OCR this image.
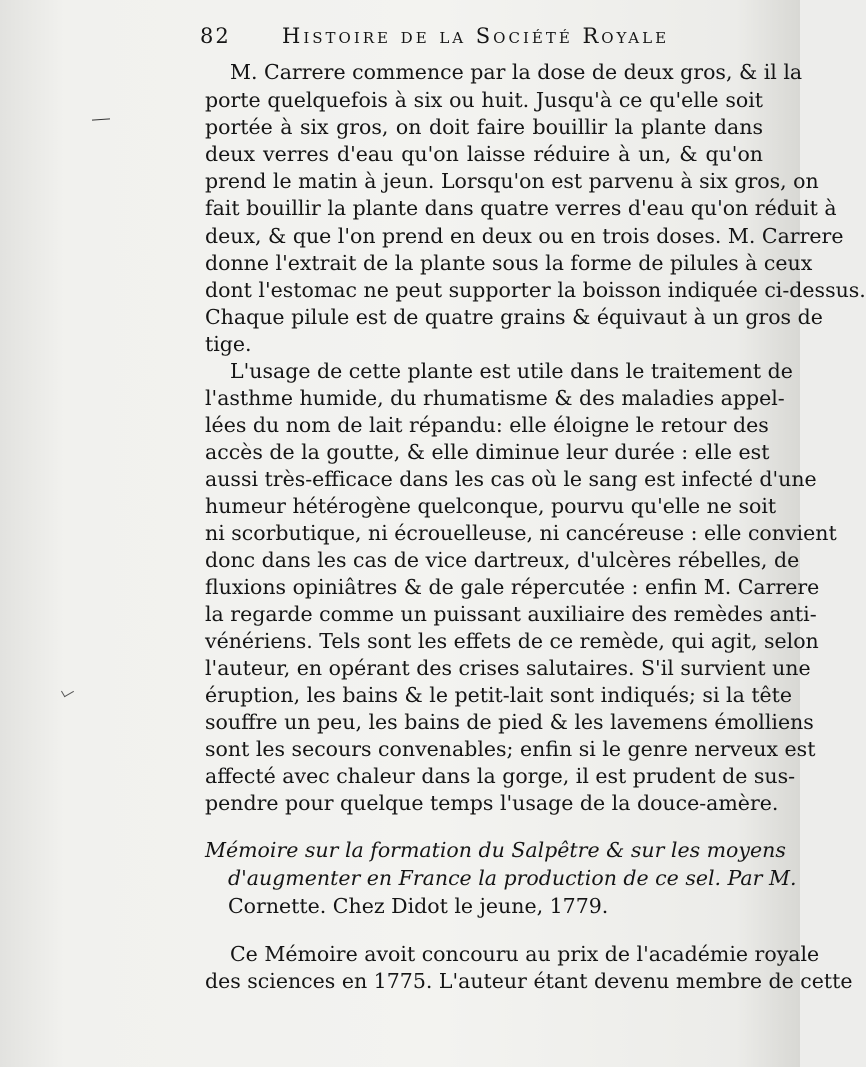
82 Histoire de la Société Royale
M. Carrere commence par la dose de deux gros, & il la
porte quelquefois à six ou huit. Jusqu'à ce qu'elle soit
portée à six gros, on doit faire bouillir la plante dans
deux verres d'eau qu'on laisse réduire à un, & qu'on
prend le matin à jeun. Lorsqu'on est parvenu à six gros, on
fait bouillir la plante dans quatre verres d'eau qu'on réduit à
deux, & que l'on prend en deux ou en trois doses. M. Carrere
donne l'extrait de la plante sous la forme de pilules à ceux
dont l'estomac ne peut supporter la boisson indiquée ci-dessus.
Chaque pilule est de quatre grains & équivaut à un gros de
tige.
L'usage de cette plante est utile dans le traitement de
l'asthme humide, du rhumatisme & des maladies appel-
lées du nom de lait répandu: elle éloigne le retour des
accès de la goutte, & elle diminue leur durée : elle est
aussi très-efficace dans les cas où le sang est infecté d'une
humeur hétérogène quelconque, pourvu qu'elle ne soit
ni scorbutique, ni écrouelleuse, ni cancéreuse : elle convient
donc dans les cas de vice dartreux, d'ulcères rébelles, de
fluxions opiniâtres & de gale répercutée : enfin M. Carrere
la regarde comme un puissant auxiliaire des remèdes anti-
vénériens. Tels sont les effets de ce remède, qui agit, selon
l'auteur, en opérant des crises salutaires. S'il survient une
éruption, les bains & le petit-lait sont indiqués; si la tête
souffre un peu, les bains de pied & les lavemens émolliens
sont les secours convenables; enfin si le genre nerveux est
affecté avec chaleur dans la gorge, il est prudent de sus-
pendre pour quelque temps l'usage de la douce-amère.
Mémoire sur la formation du Salpêtre & sur les moyens
d'augmenter en France la production de ce sel. Par M.
Cornette. Chez Didot le jeune, 1779.
Ce Mémoire avoit concouru au prix de l'académie royale
des sciences en 1775. L'auteur étant devenu membre de cette
